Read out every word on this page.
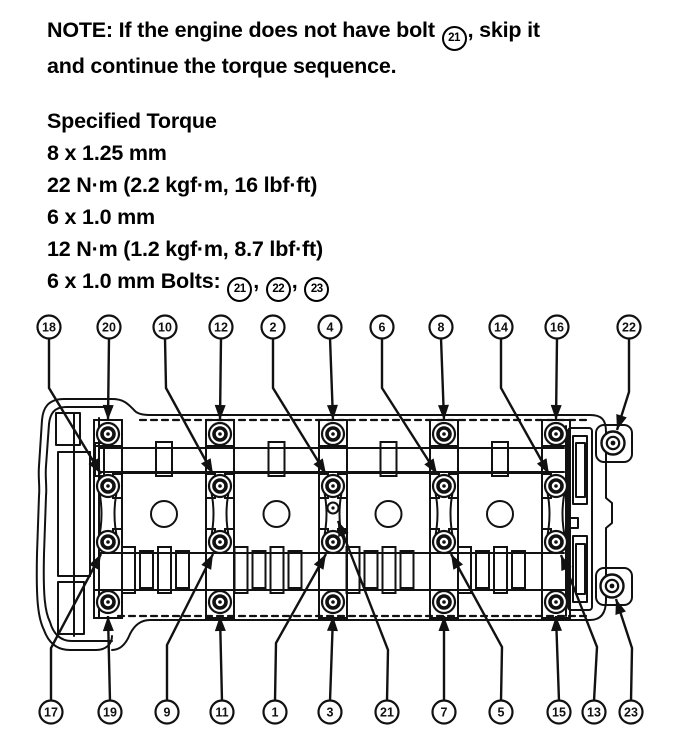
NOTE: If the engine does not have bolt 21 , skip it
and continue the torque sequence.
Specified Torque
8 x 1.25 mm
22 N·m (2.2 kgf·m, 16 lbf·ft)
6 x 1.0 mm
12 N·m (1.2 kgf·m, 8.7 lbf·ft)
6 x 1.0 mm Bolts: 21 , 22 , 23
18	20	10	12	2	4	6	8	14	16	22
17	19	9	11	1	3	21	7	5	15 13 23
